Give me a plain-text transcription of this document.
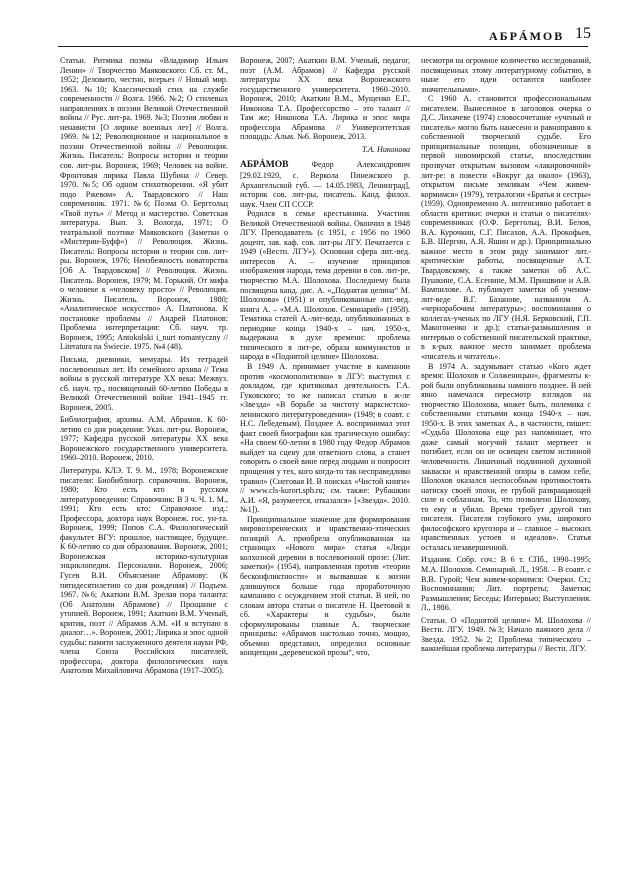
АБРÁМОВ 15

Статьи. Ритмика поэмы «Владимир Ильич Ленин» // Творчество Маяковского: Сб. ст. М., 1952; Деловито, честно, всерьез // Новый мир. 1963. №10; Классический стих на службе современности // Волга. 1966. №2; О стилевых направлениях в поэзии Великой Отечественной войны // Рус. лит-ра. 1969. №3; Поэзия любви и ненависти [О лирике военных лет] // Волга. 1969. №12; Революционное и национальное в поэзии Отечественной войны // Революция. Жизнь. Писатель: Вопросы истории и теории сов. лит-ры. Воронеж, 1969; Человек на войне. Фронтовая лирика Павла Шубина // Север. 1970. №5; Об одном стихотворении. «Я убит подо Ржевом» А. Твардовского // Наш современник. 1971. №6; Поэма О. Берггольц «Твой путь» // Метод и мастерство. Советская литература. Вып. 3. Вологда, 1971; О театральной поэтике Маяковского (Заметки о «Мистерии-Буфф») // Революция. Жизнь. Писатель: Вопросы истории и теории сов. лит-ры. Воронеж, 1976; Неизбежность новаторства [Об А. Твардовском] // Революция. Жизнь. Писатель. Воронеж, 1979; М. Горький. От мифа о человеке к «человеку просто» // Революция. Жизнь. Писатель. Воронеж, 1980; «Аналитическое искусство» А. Платонова. К постановке проблемы // Андрей Платонов: Проблемы интерпретации: Сб. науч. тр. Воронеж, 1995; Antokolski i_nurt romantyczny // Literatura na Świecie. 1975. №4 (48).

Письма, дневники, мемуары. Из тетрадей послевоенных лет. Из семейного архива // Тема войны в русской литературе XX века: Межвуз. сб. науч. тр., посвященный 60-летию Победы в Великой Отечественной войне 1941–1945 гг. Воронеж, 2005.

Библиография, архивы. А.М. Абрамов. К 60-летию со дня рождения: Указ. лит-ры. Воронеж, 1977; Кафедра русской литературы XX века Воронежского государственного университета. 1960–2010. Воронеж, 2010.

Литература. КЛЭ. Т. 9. М., 1978; Воронежские писатели: Биобиблиогр. справочник. Воронеж, 1980; Кто есть кто в русском литературоведении: Справочник: В 3 ч. Ч. 1. М., 1991; Кто есть кто: Справочное изд.: Профессора, доктора наук Воронеж. гос. ун-та. Воронеж, 1999; Попов С.А. Филологический факультет ВГУ: прошлое, настоящее, будущее. К 60-летию со дня образования. Воронеж, 2001; Воронежская историко-культурная энциклопедия. Персоналии. Воронеж, 2006; Гусев В.И. Объяснение Абрамову: (К пятидесятилетию со дня рождения) // Подъем. 1967. №6; Акаткин В.М. Зрелая пора таланта: (Об Анатолии Абрамове) // Прощание с утопией. Воронеж, 1991; Акаткин В.М. Ученый, критик, поэт // Абрамов А.М. «И я вступаю в диалог…». Воронеж, 2001; Лирика и эпос одной судьбы: памяти заслуженного деятеля науки РФ, члена Союза Российских писателей, профессора, доктора филологических наук Анатолия Михайловича Абрамова (1917–2005).

Воронеж, 2007; Акаткин В.М. Ученый, педагог, поэт (А.М. Абрамов) // Кафедра русской литературы XX века Воронежского государственного университета. 1960–2010. Воронеж, 2010; Акаткин В.М., Мущенко Е.Г., Никонова Т.А. Профессорство – это талант // Там же; Никонова Т.А. Лирика и эпос мира профессора Абрамова // Университетская площадь: Альм. №6. Воронеж, 2013.

Т.А. Никонова

АБРÁМОВ Федор Александрович [29.02.1920, с. Веркола Пинежского р. Архангельской губ. — 14.05.1983, Ленинград], историк сов. лит-ры, писатель. Канд. филол. наук. Член СП СССР.

Родился в семье крестьянина. Участник Великой Отечественной войны. Окончил в 1948 ЛГУ. Преподаватель (с 1951, с 1956 по 1960 доцент, зав. каф. сов. лит-ры ЛГУ. Печатается с 1949 («Вестн. ЛГУ»). Основная сфера лит.-вед. интересов А. – изучение принципов изображения народа, тема деревни в сов. лит-ре, творчество М.А. Шолохова. Последнему была посвящена канд. дис. А. «„Поднятая целина“ М. Шолохова» (1951) и опубликованные лит.-вед. книга А. – «М.А. Шолохов. Семинарий» (1958). Тематика статей А.-лит-веда, опубликованных в периодике конца 1940-х – нач. 1950-х, выдержана в духе времени: проблема типического в лит-ре, образа коммунистов и народа в «Поднятой целине» Шолохова.

В 1949 А. принимает участие в кампании против «космополитизма» в ЛГУ: выступил с докладом, где критиковал деятельность Г.А. Гуковского; то же написал статью в ж-ле «Звезда» «В борьбе за чистоту марксистско-ленинского литературоведения» (1949; в соавт. с Н.С. Лебедевым). Позднее А. воспринимал этот факт своей биографии как трагическую ошибку: «На своем 60-летии в 1980 году Федор Абрамов выйдет на сцену для ответного слова, а станет говорить о своей вине перед людьми и попросит прощения у тех, кого когда-то так несправедливо травил» (Снеговая И. В поисках «Чистой книги» // www.cls-kurort.spb.ru; см. также: Рубашкин А.И. «Я, разумеется, отказался» [«Звезда». 2010. №1]).

Принципиальное значение для формирования мировоззренческих и нравственно-этических позиций А. приобрела опубликованная на страницах «Нового мира» статья «Люди колхозной деревни в послевоенной прозе: (Лит. заметки)» (1954), направленная против «теории бесконфликтности» и вызвавшая к жизни длившуюся больше года проработочную кампанию с осуждением этой статьи. В ней, по словам автора статьи о писателе Н. Цветовой в сб. «Характеры и судьбы», были сформулированы главные А. творческие принципы: «Абрамов настолько точно, мощно, объемно представил, определил основные концепции „деревенской прозы“, что,

несмотря на огромное количество исследований, посвященных этому литературному событию, в ныне его идеи остаются наиболее значительными».

С 1960 А. становится профессиональным писателем. Вынесенное в заголовок очерка о Д.С. Лихачеве (1974) словосочетание «ученый и писатель» могло быть нанесено и равноправно к собственной творческой судьбе. Его принципиальные позиции, обозначенные в первой новомирской статье, впоследствии прозвучат открытым вызовом «лакировочной» лит-ре: в повести «Вокруг да около» (1963), открытом письме землякам «Чем живем-кормимся» (1979), тетралогии «Братья и сестры» (1959). Одновременно А. интенсивно работает в области критики: очерки и статьи о писателях-современниках (О.Ф. Берггольц, В.И. Белов, В.А. Курочкин, С.Г. Писахов, А.А. Прокофьев, Б.В. Шергин, А.Я. Яшин и др.). Принципиально важное место в этом ряду занимают лит.-критические работы, посвященные А.Т. Твардовскому, а также заметки об А.С. Пушкине, С.А. Есенине, М.М. Пришвине и А.В. Вампилове. А. публикует заметки об ученом-лит-веде В.Г. Базанове, названном А. «чернорабочим литературы»; воспоминания о коллегах-ученых по ЛГУ (Н.Я. Берковский, Г.П. Макогоненко и др.); статьи-размышления и интервью о собственной писательской практике, в к-рых важное место занимает проблема «писатель и читатель».

В 1974 А. задумывает статью «Кого ждет время: Шолохов и Солженицын», фрагменты к-рой были опубликованы намного позднее. В ней явно намечался пересмотр взглядов на творчество Шолохова, может быть, полемика с собственными статьями конца 1940-х – нач. 1950-х. В этих заметках А., в частности, пишет: «Судьба Шолохова еще раз напоминает, что даже самый могучий талант мертвеет и погибает, если он не освещен светом истинной человечности. Лишенный подлинной духовной закваски и нравственной опоры в самом себе, Шолохов оказался неспособным противостоять натиску своей эпохи, ее грубой развращающей силе и соблазнам. То, что позволено Шолохову, то ему и убило. Время требует другой тип писателя. Писателя глубокого ума, широкого философского кругозора и – главное – высоких нравственных устоев и идеалов». Статья осталась незавершенной.

Издания. Собр. соч.: В 6 т. СПб., 1990–1995; М.А. Шолохов. Семинарий. Л., 1958. – В соавт. с В.В. Гурой; Чем живем-кормимся: Очерки. Ст.; Воспоминания; Лит. портреты; Заметки; Размышления; Беседы; Интервью; Выступления. Л., 1986.

Статьи. О «Поднятой целине» М. Шолохова // Вестн. ЛГУ. 1949. №3; Начало важного дела // Звезда. 1952. №2; Проблема типического – важнейшая проблема литературы // Вестн. ЛГУ.
